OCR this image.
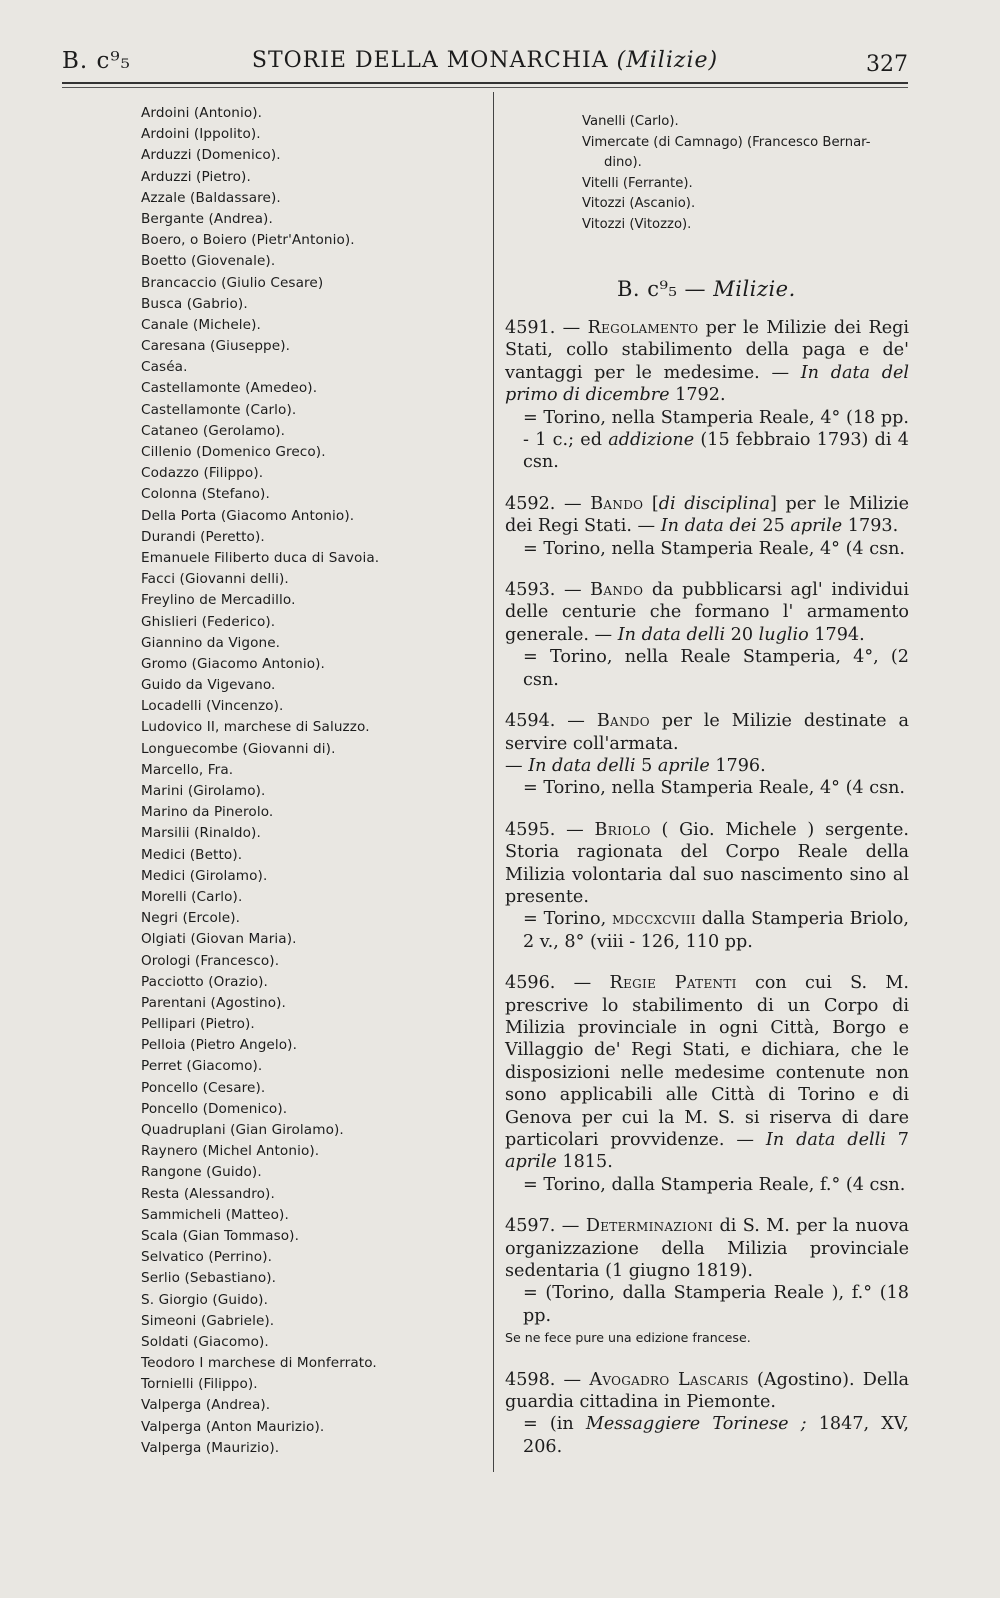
B. c⁹₅	STORIE DELLA MONARCHIA (Milizie)	327
Ardoini (Antonio).
Ardoini (Ippolito).
Arduzzi (Domenico).
Arduzzi (Pietro).
Azzale (Baldassare).
Bergante (Andrea).
Boero, o Boiero (Pietr'Antonio).
Boetto (Giovenale).
Brancaccio (Giulio Cesare)
Busca (Gabrio).
Canale (Michele).
Caresana (Giuseppe).
Caséa.
Castellamonte (Amedeo).
Castellamonte (Carlo).
Cataneo (Gerolamo).
Cillenio (Domenico Greco).
Codazzo (Filippo).
Colonna (Stefano).
Della Porta (Giacomo Antonio).
Durandi (Peretto).
Emanuele Filiberto duca di Savoia.
Facci (Giovanni delli).
Freylino de Mercadillo.
Ghislieri (Federico).
Giannino da Vigone.
Gromo (Giacomo Antonio).
Guido da Vigevano.
Locadelli (Vincenzo).
Ludovico II, marchese di Saluzzo.
Longuecombe (Giovanni di).
Marcello, Fra.
Marini (Girolamo).
Marino da Pinerolo.
Marsilii (Rinaldo).
Medici (Betto).
Medici (Girolamo).
Morelli (Carlo).
Negri (Ercole).
Olgiati (Giovan Maria).
Orologi (Francesco).
Pacciotto (Orazio).
Parentani (Agostino).
Pellipari (Pietro).
Pelloia (Pietro Angelo).
Perret (Giacomo).
Poncello (Cesare).
Poncello (Domenico).
Quadruplani (Gian Girolamo).
Raynero (Michel Antonio).
Rangone (Guido).
Resta (Alessandro).
Sammicheli (Matteo).
Scala (Gian Tommaso).
Selvatico (Perrino).
Serlio (Sebastiano).
S. Giorgio (Guido).
Simeoni (Gabriele).
Soldati (Giacomo).
Teodoro I marchese di Monferrato.
Tornielli (Filippo).
Valperga (Andrea).
Valperga (Anton Maurizio).
Valperga (Maurizio).

Vanelli (Carlo).

Vimercate (di Camnago) (Francesco Bernar-

dino).

Vitelli (Ferrante).

Vitozzi (Ascanio).

Vitozzi (Vitozzo).

B. c⁹₅ — Milizie.

4591. — Regolamento per le Milizie dei Regi Stati, collo stabilimento della paga e de' vantaggi per le medesime. — In data del primo di dicembre 1792.

= Torino, nella Stamperia Reale, 4° (18 pp. - 1 c.; ed addizione (15 febbraio 1793) di 4 csn.

4592. — Bando [di disciplina] per le Milizie dei Regi Stati. — In data dei 25 aprile 1793.

= Torino, nella Stamperia Reale, 4° (4 csn.

4593. — Bando da pubblicarsi agl' individui delle centurie che formano l' armamento generale. — In data delli 20 luglio 1794.

= Torino, nella Reale Stamperia, 4°, (2 csn.

4594. — Bando per le Milizie destinate a servire coll'armata.

— In data delli 5 aprile 1796.

= Torino, nella Stamperia Reale, 4° (4 csn.

4595. — Briolo ( Gio. Michele ) sergente. Storia ragionata del Corpo Reale della Milizia volontaria dal suo nascimento sino al presente.

= Torino, mdccxcviii dalla Stamperia Briolo, 2 v., 8° (viii - 126, 110 pp.

4596. — Regie Patenti con cui S. M. prescrive lo stabilimento di un Corpo di Milizia provinciale in ogni Città, Borgo e Villaggio de' Regi Stati, e dichiara, che le disposizioni nelle medesime contenute non sono applicabili alle Città di Torino e di Genova per cui la M. S. si riserva di dare particolari provvidenze. — In data delli 7 aprile 1815.

= Torino, dalla Stamperia Reale, f.° (4 csn.

4597. — Determinazioni di S. M. per la nuova organizzazione della Milizia provinciale sedentaria (1 giugno 1819).

= (Torino, dalla Stamperia Reale ), f.° (18 pp.

Se ne fece pure una edizione francese.

4598. — Avogadro Lascaris (Agostino). Della guardia cittadina in Piemonte.

= (in Messaggiere Torinese ; 1847, XV, 206.
